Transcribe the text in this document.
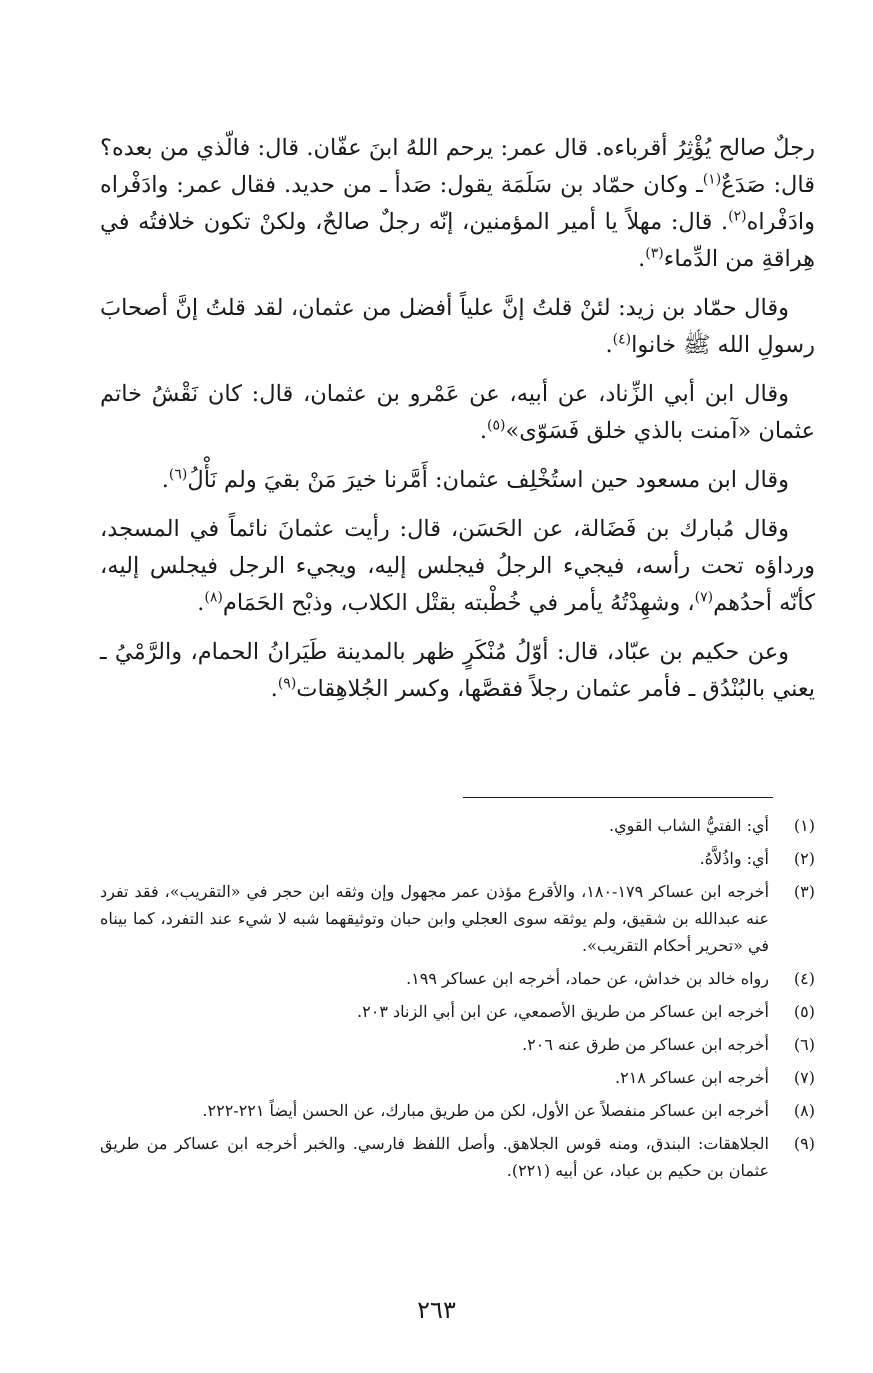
رجلٌ صالح يُؤْثِرُ أقرباءه. قال عمر: يرحم اللهُ ابنَ عفّان. قال: فالّذي من بعده؟ قال: صَدَعٌ$^{(١)}$ـ وكان حمّاد بن سَلَمَة يقول: صَدأ ـ من حديد. فقال عمر: وادَفْراه وادَفْراه$^{(٢)}$. قال: مهلاً يا أمير المؤمنين، إنّه رجلٌ صالحٌ، ولكنْ تكون خلافتُه في هِراقةِ من الدِّماء$^{(٣)}$.

وقال حمّاد بن زيد: لئنْ قلتُ إنَّ علياً أفضل من عثمان، لقد قلتُ إنَّ أصحابَ رسولِ الله ﷺ خانوا$^{(٤)}$.

وقال ابن أبي الزِّناد، عن أبيه، عن عَمْرو بن عثمان، قال: كان نَقْشُ خاتم عثمان «آمنت بالذي خلق فَسَوّى»$^{(٥)}$.

وقال ابن مسعود حين استُخْلِف عثمان: أَمَّرنا خيرَ مَنْ بقيَ ولم نَأْلُ$^{(٦)}$.

وقال مُبارك بن فَضَالة، عن الحَسَن، قال: رأيت عثمانَ نائماً في المسجد، ورداؤه تحت رأسه، فيجيء الرجلُ فيجلس إليه، ويجيء الرجل فيجلس إليه، كأنّه أحدُهم$^{(٧)}$، وشهِدْتُهُ يأمر في خُطْبته بقتْل الكلاب، وذبْح الحَمَام$^{(٨)}$.

وعن حكيم بن عبّاد، قال: أوّلُ مُنْكَرٍ ظهر بالمدينة طَيَرانُ الحمام، والرَّمْيُ ـ يعني بالبُنْدُق ـ فأمر عثمان رجلاً فقصَّها، وكسر الجُلاهِقات$^{(٩)}$.

(١)
أي: الفتيُّ الشاب القوي.
(٢)
أي: واذُلاَّهُ.
(٣)
أخرجه ابن عساكر ١٧٩-١٨٠، والأقرع مؤذن عمر مجهول وإن وثقه ابن حجر في «التقريب»، فقد تفرد عنه عبدالله بن شقيق، ولم يوثقه سوى العجلي وابن حبان وتوثيقهما شبه لا شيء عند التفرد، كما بيناه في «تحرير أحكام التقريب».
(٤)
رواه خالد بن خداش، عن حماد، أخرجه ابن عساكر ١٩٩.
(٥)
أخرجه ابن عساكر من طريق الأصمعي، عن ابن أبي الزناد ٢٠٣.
(٦)
أخرجه ابن عساكر من طرق عنه ٢٠٦.
(٧)
أخرجه ابن عساكر ٢١٨.
(٨)
أخرجه ابن عساكر منفصلاً عن الأول، لكن من طريق مبارك، عن الحسن أيضاً ٢٢١-٢٢٢.
(٩)
الجلاهقات: البندق، ومنه قوس الجلاهق. وأصل اللفظ فارسي. والخبر أخرجه ابن عساكر من طريق عثمان بن حكيم بن عباد، عن أبيه (٢٢١).
٢٦٣
